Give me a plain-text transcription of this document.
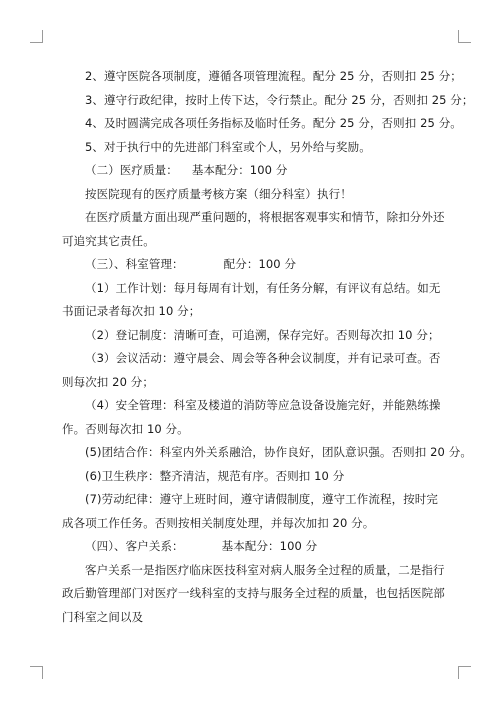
2、遵守医院各项制度，遵循各项管理流程。配分 25 分，否则扣 25 分；

3、遵守行政纪律，按时上传下达，令行禁止。配分 25 分，否则扣 25 分；

4、及时圆满完成各项任务指标及临时任务。配分 25 分，否则扣 25 分。

5、对于执行中的先进部门科室或个人，另外给与奖励。

（二）医疗质量： 基本配分：100 分

按医院现有的医疗质量考核方案（细分科室）执行！

在医疗质量方面出现严重问题的，将根据客观事实和情节，除扣分外还可追究其它责任。

（三）、科室管理：	配分：100 分

（1）工作计划：每月每周有计划，有任务分解，有评议有总结。如无书面记录者每次扣 10 分；

（2）登记制度：清晰可查，可追溯，保存完好。否则每次扣 10 分；

（3）会议活动：遵守晨会、周会等各种会议制度，并有记录可查。否则每次扣 20 分；

（4）安全管理：科室及楼道的消防等应急设备设施完好，并能熟练操作。否则每次扣 10 分。

(5)团结合作：科室内外关系融洽，协作良好，团队意识强。否则扣 20 分。

(6)卫生秩序：整齐清洁，规范有序。否则扣 10 分

(7)劳动纪律：遵守上班时间，遵守请假制度，遵守工作流程，按时完成各项工作任务。否则按相关制度处理，并每次加扣 20 分。

（四）、客户关系：	基本配分：100 分

客户关系一是指医疗临床医技科室对病人服务全过程的质量，二是指行政后勤管理部门对医疗一线科室的支持与服务全过程的质量，也包括医院部门科室之间以及
